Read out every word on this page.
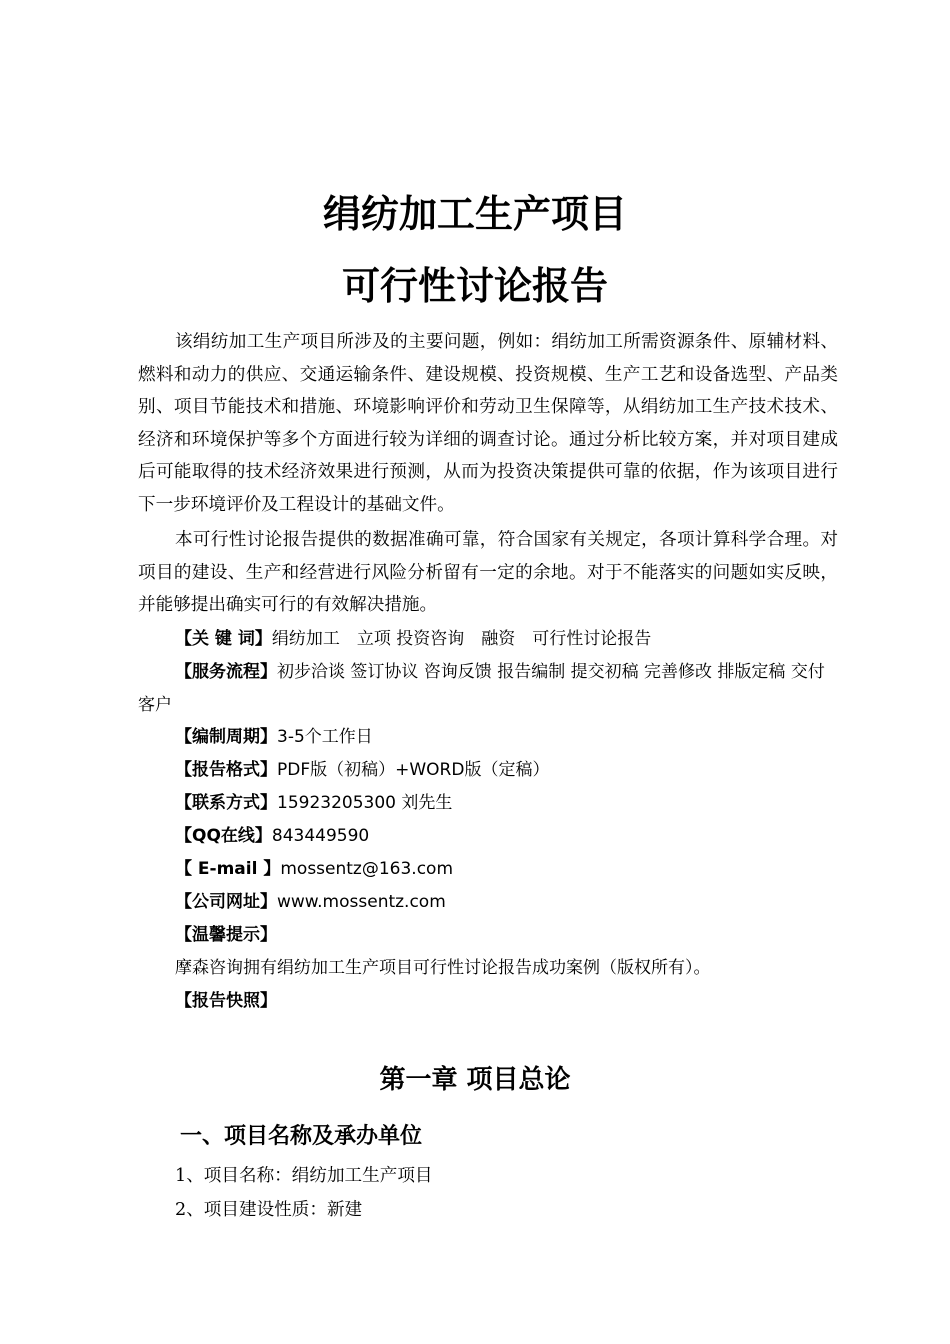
绢纺加工生产项目
可行性讨论报告

该绢纺加工生产项目所涉及的主要问题，例如：绢纺加工所需资源条件、原辅材料、燃料和动力的供应、交通运输条件、建设规模、投资规模、生产工艺和设备选型、产品类别、项目节能技术和措施、环境影响评价和劳动卫生保障等，从绢纺加工生产技术技术、经济和环境保护等多个方面进行较为详细的调查讨论。通过分析比较方案，并对项目建成后可能取得的技术经济效果进行预测，从而为投资决策提供可靠的依据，作为该项目进行下一步环境评价及工程设计的基础文件。

本可行性讨论报告提供的数据准确可靠，符合国家有关规定，各项计算科学合理。对项目的建设、生产和经营进行风险分析留有一定的余地。对于不能落实的问题如实反映，并能够提出确实可行的有效解决措施。

【关 键 词】绢纺加工　立项 投资咨询　融资　可行性讨论报告
【服务流程】初步洽谈 签订协议 咨询反馈 报告编制 提交初稿 完善修改 排版定稿 交付客户
【编制周期】3-5个工作日
【报告格式】PDF版（初稿）+WORD版（定稿）
【联系方式】15923205300 刘先生
【QQ在线】843449590
【 E-mail 】mossentz@163.com
【公司网址】www.mossentz.com
【温馨提示】
摩森咨询拥有绢纺加工生产项目可行性讨论报告成功案例（版权所有）。
【报告快照】
第一章 项目总论
一、项目名称及承办单位
1、项目名称：绢纺加工生产项目
2、项目建设性质：新建
